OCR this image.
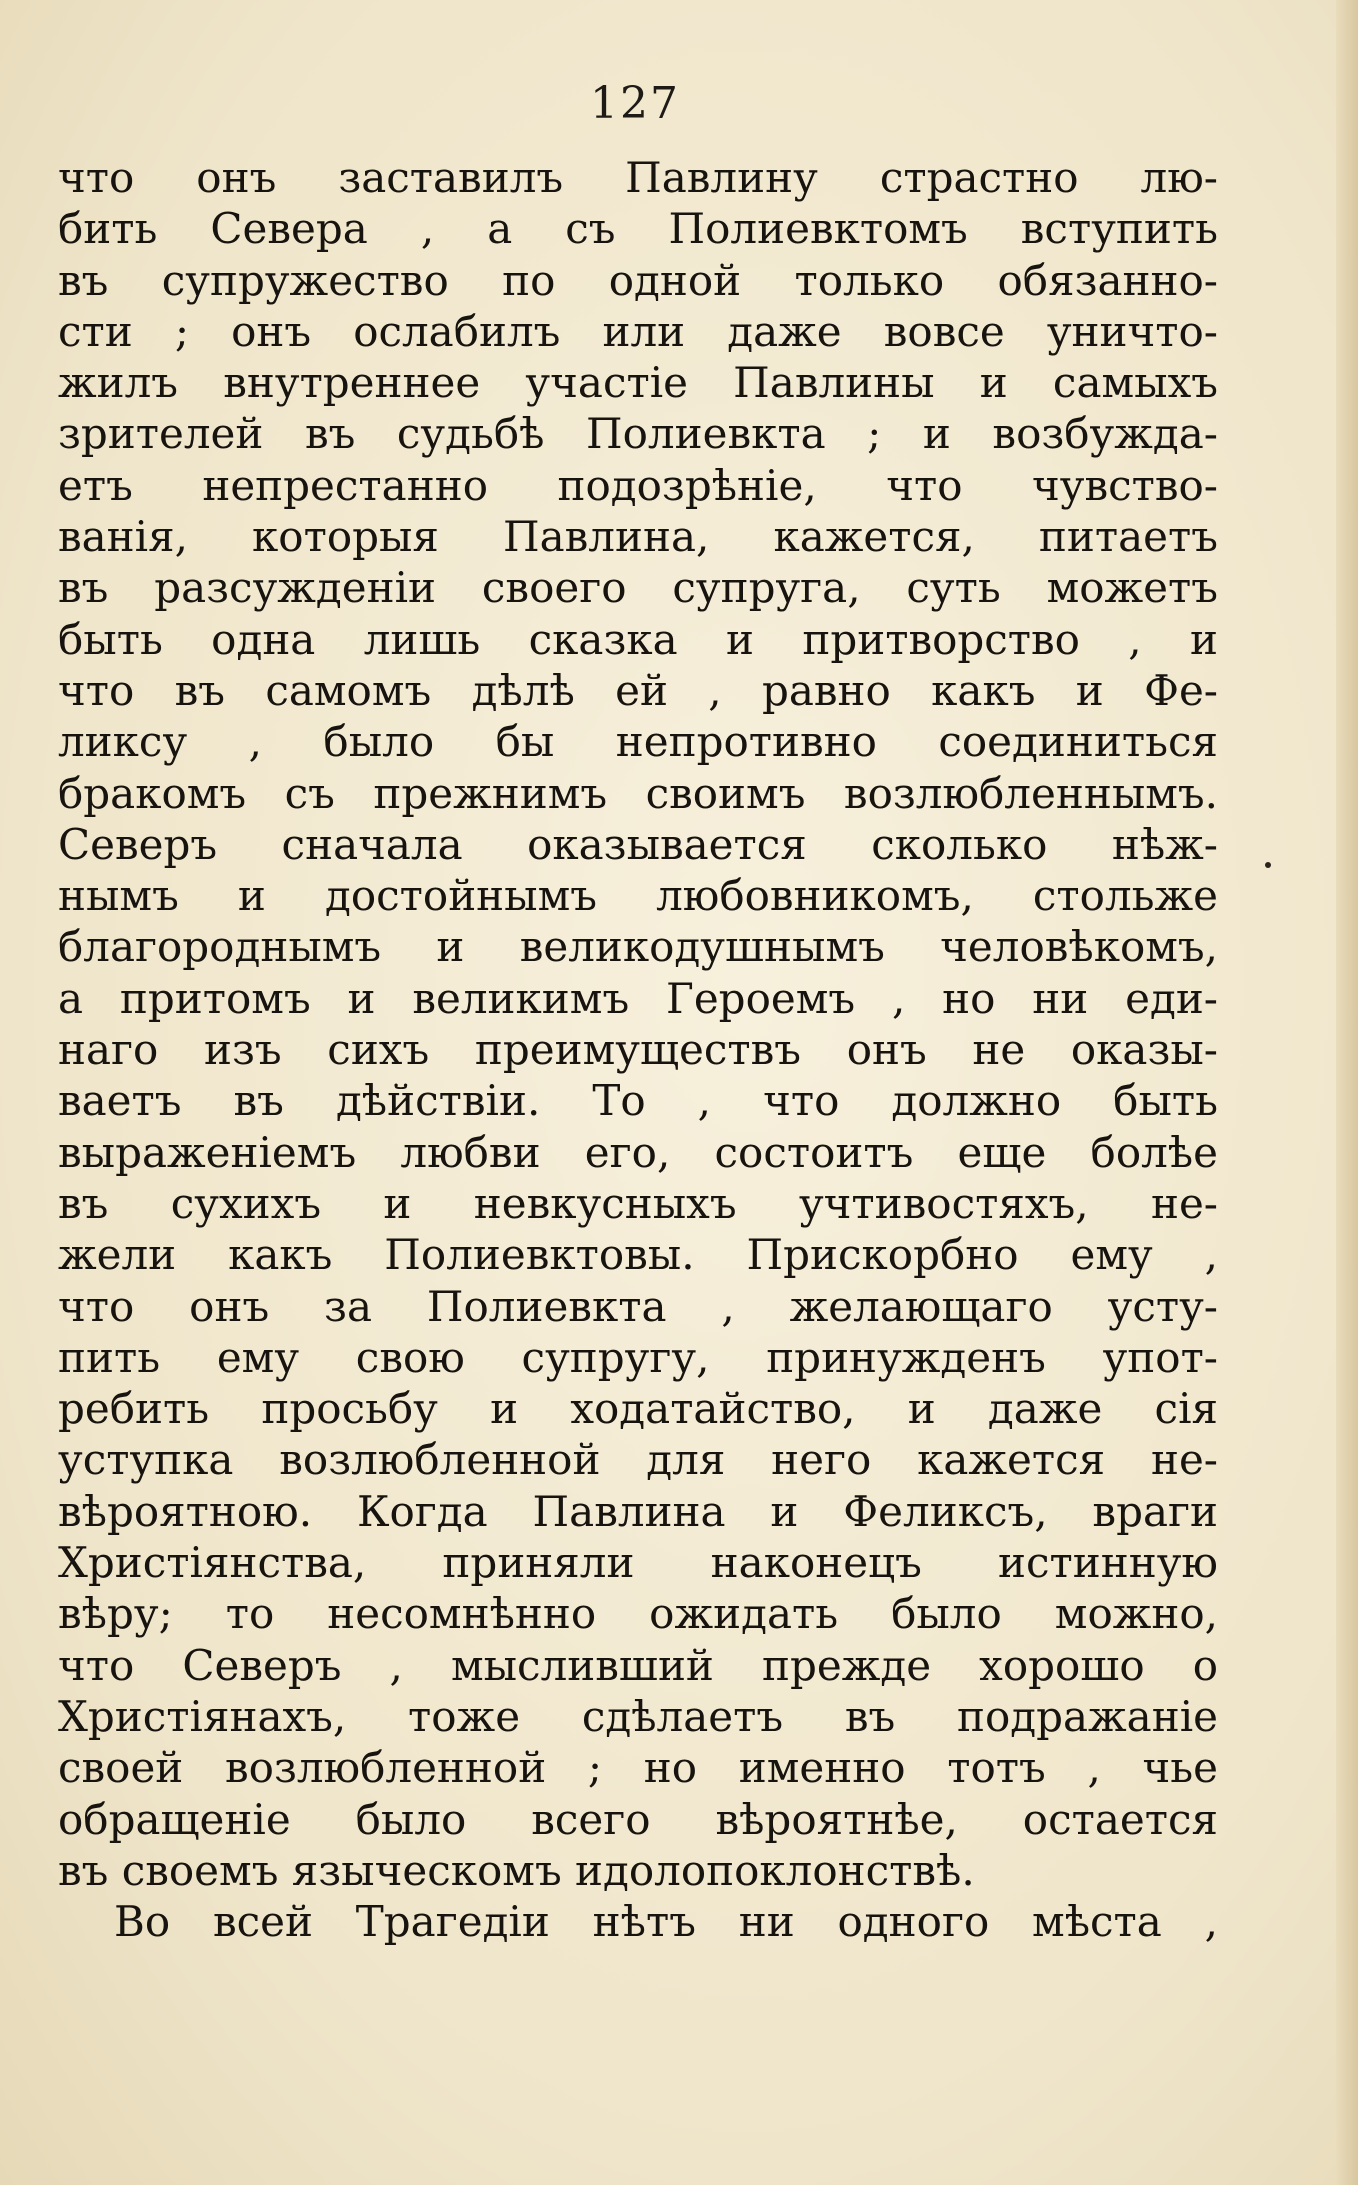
127
что онъ заставилъ Павлину страстно лю-
бить Севера , а съ Полиевктомъ вступить
въ супружество по одной только обязанно-
сти ; онъ ослабилъ или даже вовсе уничто-
жилъ внутреннее участіе Павлины и самыхъ
зрителей въ судьбѣ Полиевкта ; и возбужда-
етъ непрестанно подозрѣніе, что чувство-
ванія, которыя Павлина, кажется, питаетъ
въ разсужденіи своего супруга, суть можетъ
быть одна лишь сказка и притворство , и
что въ самомъ дѣлѣ ей , равно какъ и Фе-
ликсу , было бы непротивно соединиться
бракомъ съ прежнимъ своимъ возлюбленнымъ.
Северъ сначала оказывается сколько нѣж-
нымъ и достойнымъ любовникомъ, стольже
благороднымъ и великодушнымъ человѣкомъ,
а притомъ и великимъ Героемъ , но ни еди-
наго изъ сихъ преимуществъ онъ не оказы-
ваетъ въ дѣйствіи. То , что должно быть
выраженіемъ любви его, состоитъ еще болѣе
въ сухихъ и невкусныхъ учтивостяхъ, не-
жели какъ Полиевктовы. Прискорбно ему ,
что онъ за Полиевкта , желающаго усту-
пить ему свою супругу, принужденъ упот-
ребить просьбу и ходатайство, и даже сія
уступка возлюбленной для него кажется не-
вѣроятною. Когда Павлина и Феликсъ, враги
Христіянства, приняли наконецъ истинную
вѣру; то несомнѣнно ожидать было можно,
что Северъ , мысливший прежде хорошо о
Христіянахъ, тоже сдѣлаетъ въ подражаніе
своей возлюбленной ; но именно тотъ , чье
обращеніе было всего вѣроятнѣе, остается
въ своемъ языческомъ идолопоклонствѣ.
Во всей Трагедіи нѣтъ ни одного мѣста ,
